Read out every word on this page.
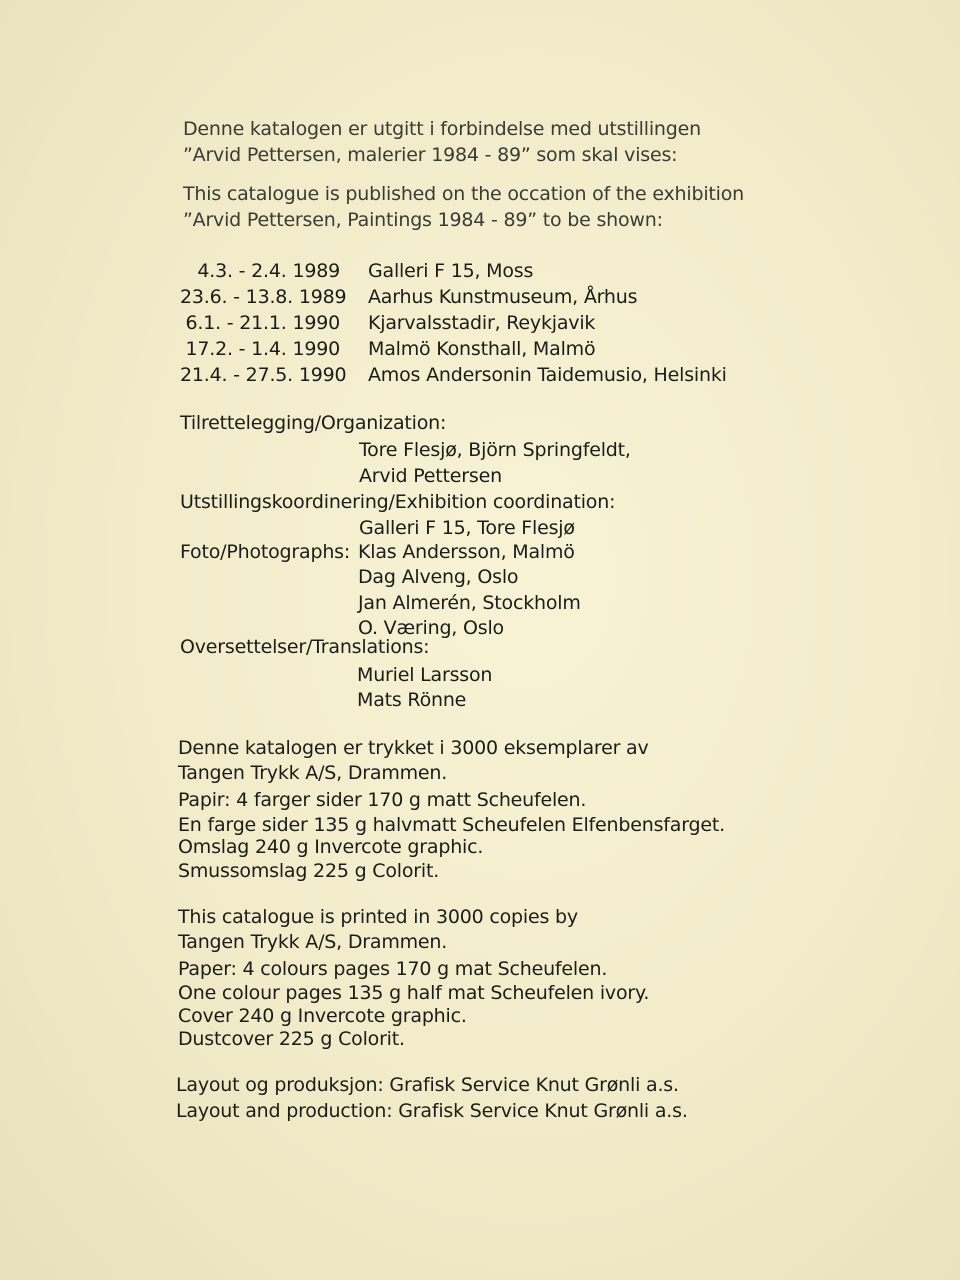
Denne katalogen er utgitt i forbindelse med utstillingen
”Arvid Pettersen, malerier 1984 - 89” som skal vises:
This catalogue is published on the occation of the exhibition
”Arvid Pettersen, Paintings 1984 - 89” to be shown:
4.3. - 2.4. 1989 Galleri F 15, Moss
23.6. - 13.8. 1989 Aarhus Kunstmuseum, Århus
6.1. - 21.1. 1990 Kjarvalsstadir, Reykjavik
17.2. - 1.4. 1990 Malmö Konsthall, Malmö
21.4. - 27.5. 1990 Amos Andersonin Taidemusio, Helsinki
Tilrettelegging/Organization:
Tore Flesjø, Björn Springfeldt,
Arvid Pettersen
Utstillingskoordinering/Exhibition coordination:
Galleri F 15, Tore Flesjø
Foto/Photographs: Klas Andersson, Malmö
Dag Alveng, Oslo
Jan Almerén, Stockholm
O. Væring, Oslo
Oversettelser/Translations:
Muriel Larsson
Mats Rönne
Denne katalogen er trykket i 3000 eksemplarer av
Tangen Trykk A/S, Drammen.
Papir: 4 farger sider 170 g matt Scheufelen.
En farge sider 135 g halvmatt Scheufelen Elfenbensfarget.
Omslag 240 g Invercote graphic.
Smussomslag 225 g Colorit.
This catalogue is printed in 3000 copies by
Tangen Trykk A/S, Drammen.
Paper: 4 colours pages 170 g mat Scheufelen.
One colour pages 135 g half mat Scheufelen ivory.
Cover 240 g Invercote graphic.
Dustcover 225 g Colorit.
Layout og produksjon: Grafisk Service Knut Grønli a.s.
Layout and production: Grafisk Service Knut Grønli a.s.
